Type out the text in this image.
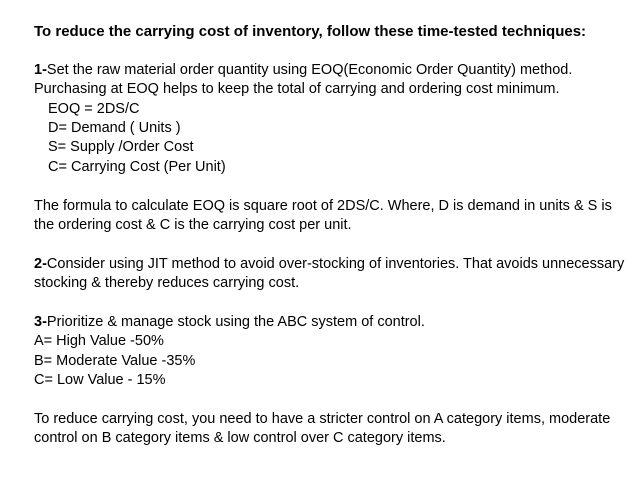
To reduce the carrying cost of inventory, follow these time-tested techniques:
1-Set the raw material order quantity using EOQ(Economic Order Quantity) method.
Purchasing at EOQ helps to keep the total of carrying and ordering cost minimum.
EOQ = 2DS/C
D= Demand ( Units )
S= Supply /Order Cost
C= Carrying Cost (Per Unit)
The formula to calculate EOQ is square root of 2DS/C. Where, D is demand in units & S is
the ordering cost & C is the carrying cost per unit.
2-Consider using JIT method to avoid over-stocking of inventories. That avoids unnecessary
stocking & thereby reduces carrying cost.
3-Prioritize & manage stock using the ABC system of control.
A= High Value -50%
B= Moderate Value -35%
C= Low Value - 15%
To reduce carrying cost, you need to have a stricter control on A category items, moderate
control on B category items & low control over C category items.
